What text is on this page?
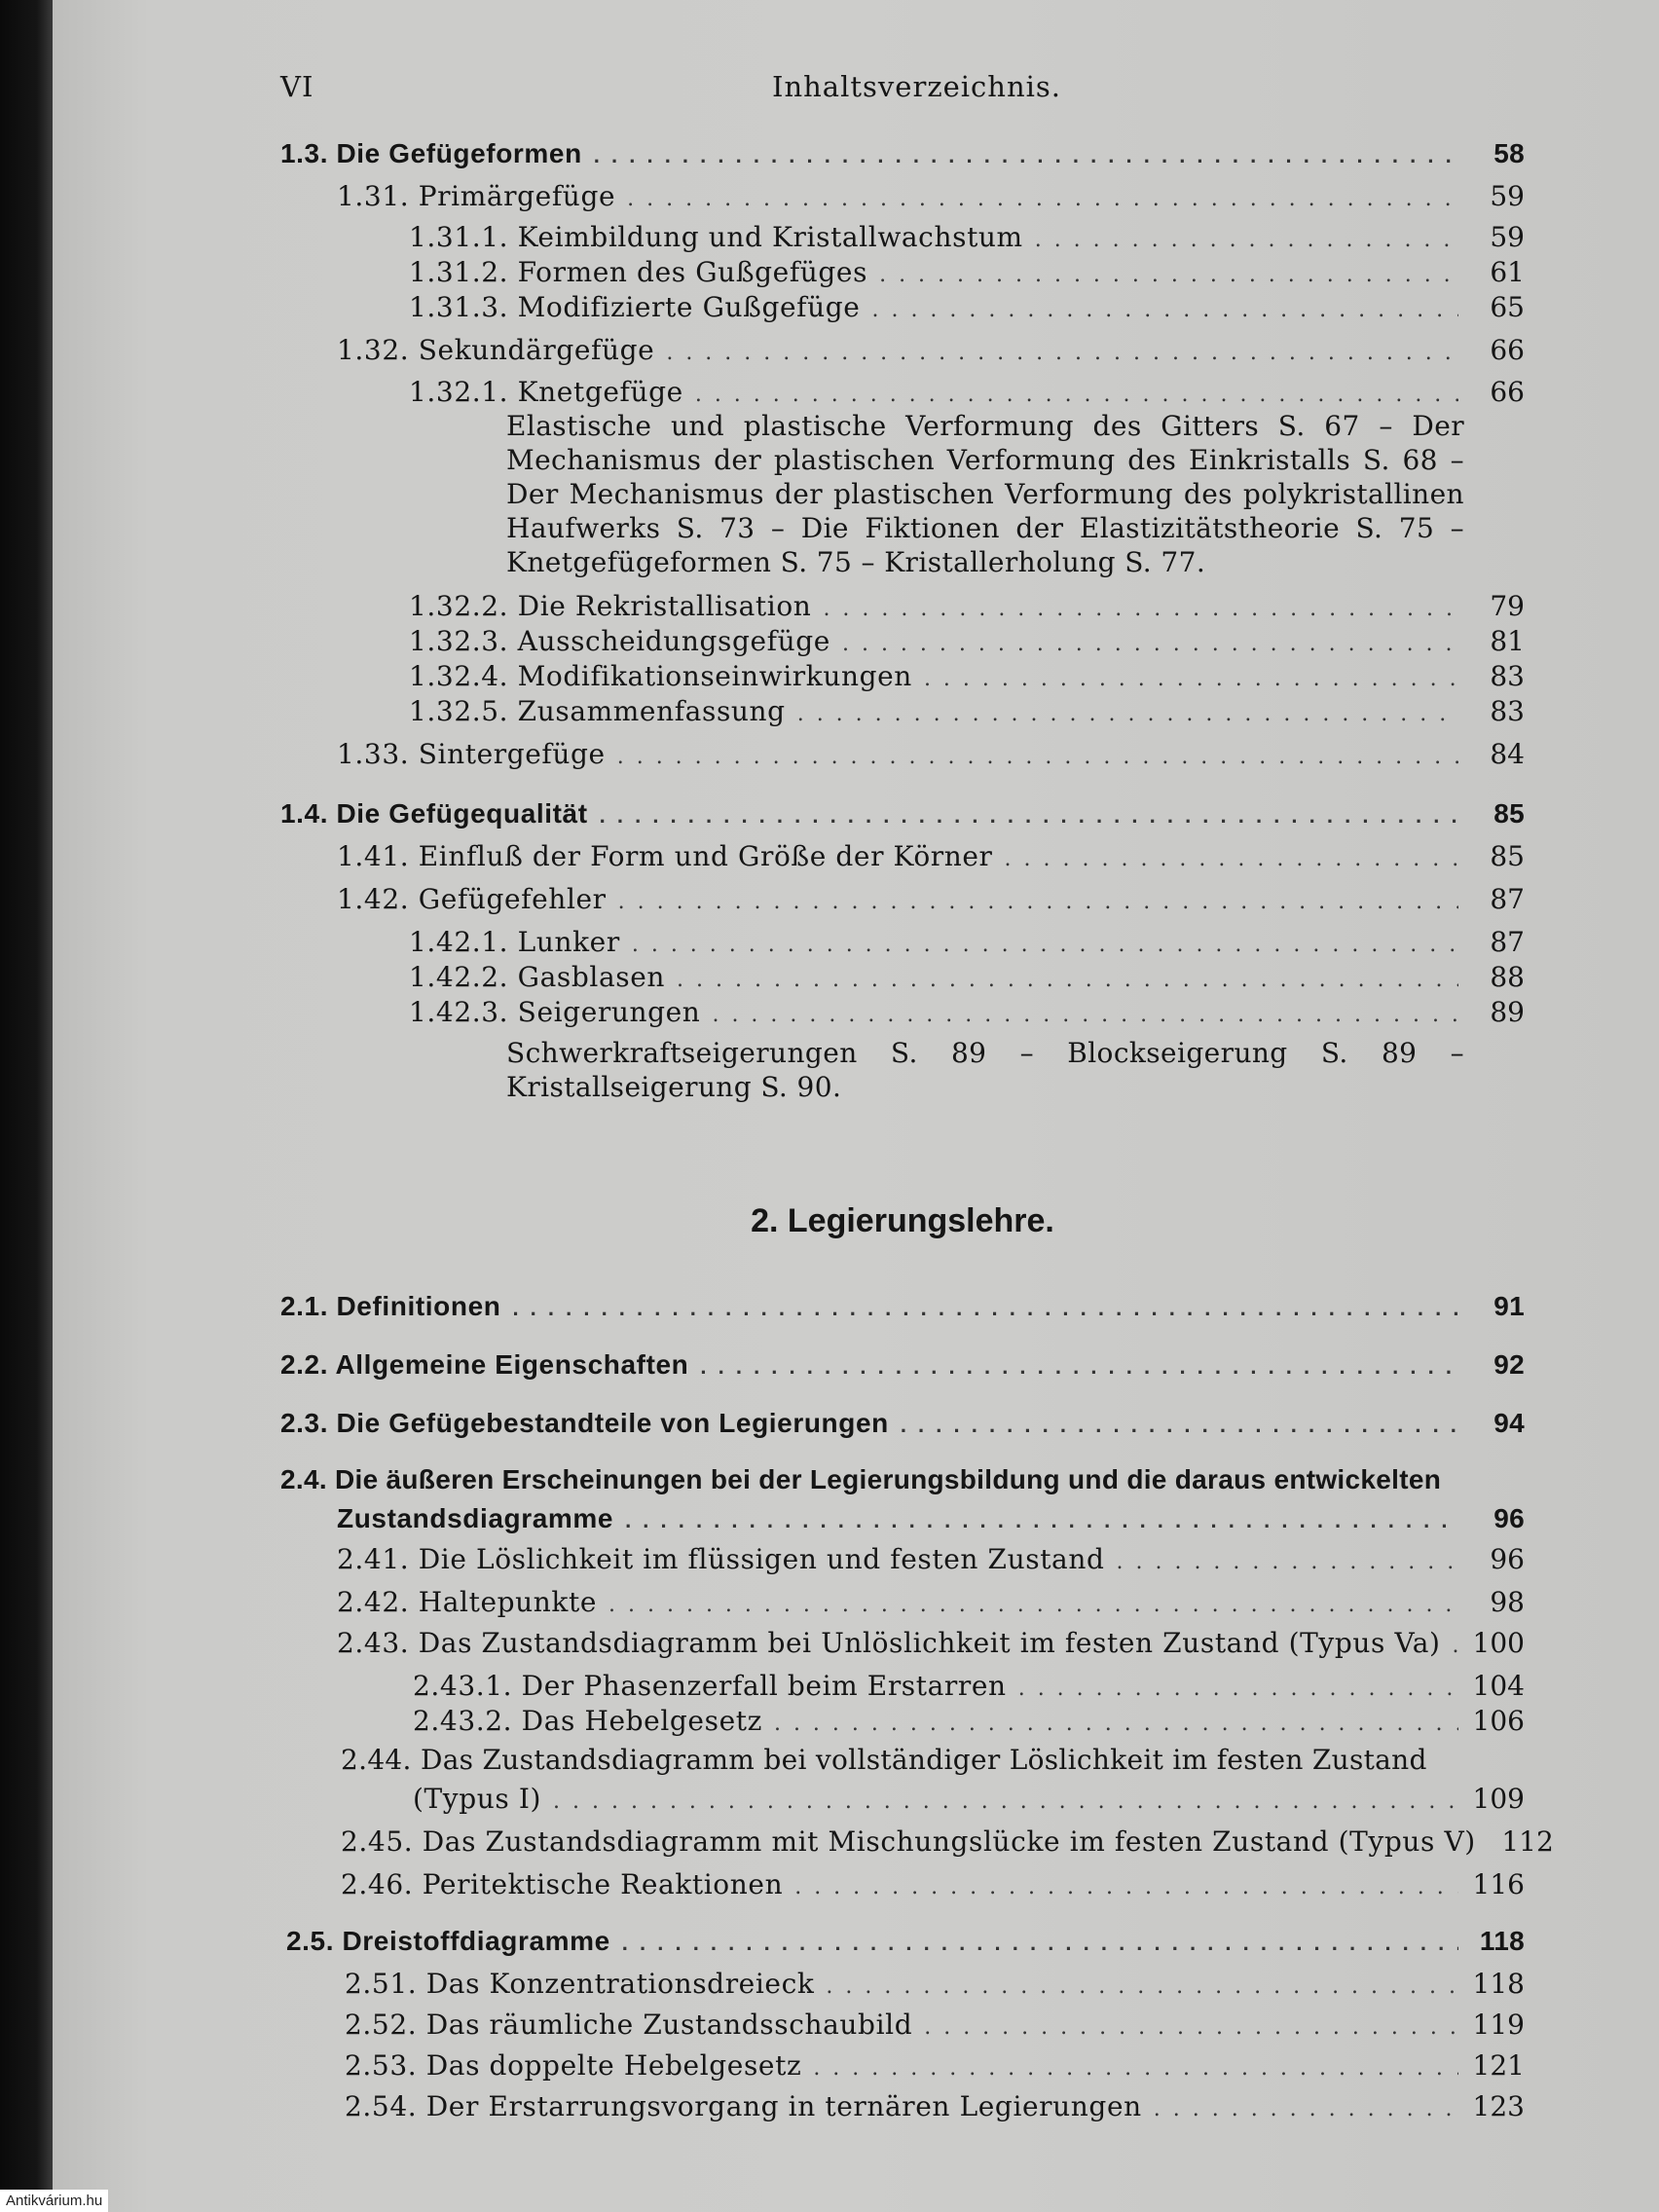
VI	Inhaltsverzeichnis.
1.3. Die Gefügeformen . . .	58
1.31. Primärgefüge . . .	59
1.31.1. Keimbildung und Kristallwachstum . . .	59
1.31.2. Formen des Gußgefüges . . .	61
1.31.3. Modifizierte Gußgefüge . . .	65
1.32. Sekundärgefüge . . .	66
1.32.1. Knetgefüge . . .	66
Elastische und plastische Verformung des Gitters S. 67 – Der Mechanismus der plastischen Verformung des Einkristalls S. 68 – Der Mechanismus der plastischen Verformung des polykristallinen Haufwerks S. 73 – Die Fiktionen der Elastizitätstheorie S. 75 – Knetgefügeformen S. 75 – Kristallerholung S. 77.
1.32.2. Die Rekristallisation . . .	79
1.32.3. Ausscheidungsgefüge . . .	81
1.32.4. Modifikationseinwirkungen . . .	83
1.32.5. Zusammenfassung . . .	83
1.33. Sintergefüge . . .	84
1.4. Die Gefügequalität . . .	85
1.41. Einfluß der Form und Größe der Körner . . .	85
1.42. Gefügefehler . . .	87
1.42.1. Lunker . . .	87
1.42.2. Gasblasen . . .	88
1.42.3. Seigerungen . . .	89
Schwerkraftseigerungen S. 89 – Blockseigerung S. 89 – Kristallseigerung S. 90.
2. Legierungslehre.
2.1. Definitionen . . .	91
2.2. Allgemeine Eigenschaften . . .	92
2.3. Die Gefügebestandteile von Legierungen . . .	94
2.4. Die äußeren Erscheinungen bei der Legierungsbildung und die daraus entwickelten
Zustandsdiagramme . . .	96
2.41. Die Löslichkeit im flüssigen und festen Zustand . . .	96
2.42. Haltepunkte . . .	98
2.43. Das Zustandsdiagramm bei Unlöslichkeit im festen Zustand (Typus Va) . . . 100
2.43.1. Der Phasenzerfall beim Erstarren . . .	104
2.43.2. Das Hebelgesetz . . .	106
2.44. Das Zustandsdiagramm bei vollständiger Löslichkeit im festen Zustand
(Typus I) . . .	109
2.45. Das Zustandsdiagramm mit Mischungslücke im festen Zustand (Typus V) 112
2.46. Peritektische Reaktionen . . .	116
2.5. Dreistoffdiagramme . . .	118
2.51. Das Konzentrationsdreieck . . .	118
2.52. Das räumliche Zustandsschaubild . . .	119
2.53. Das doppelte Hebelgesetz . . .	121
2.54. Der Erstarrungsvorgang in ternären Legierungen . . .	123
Antikvárium.hu
